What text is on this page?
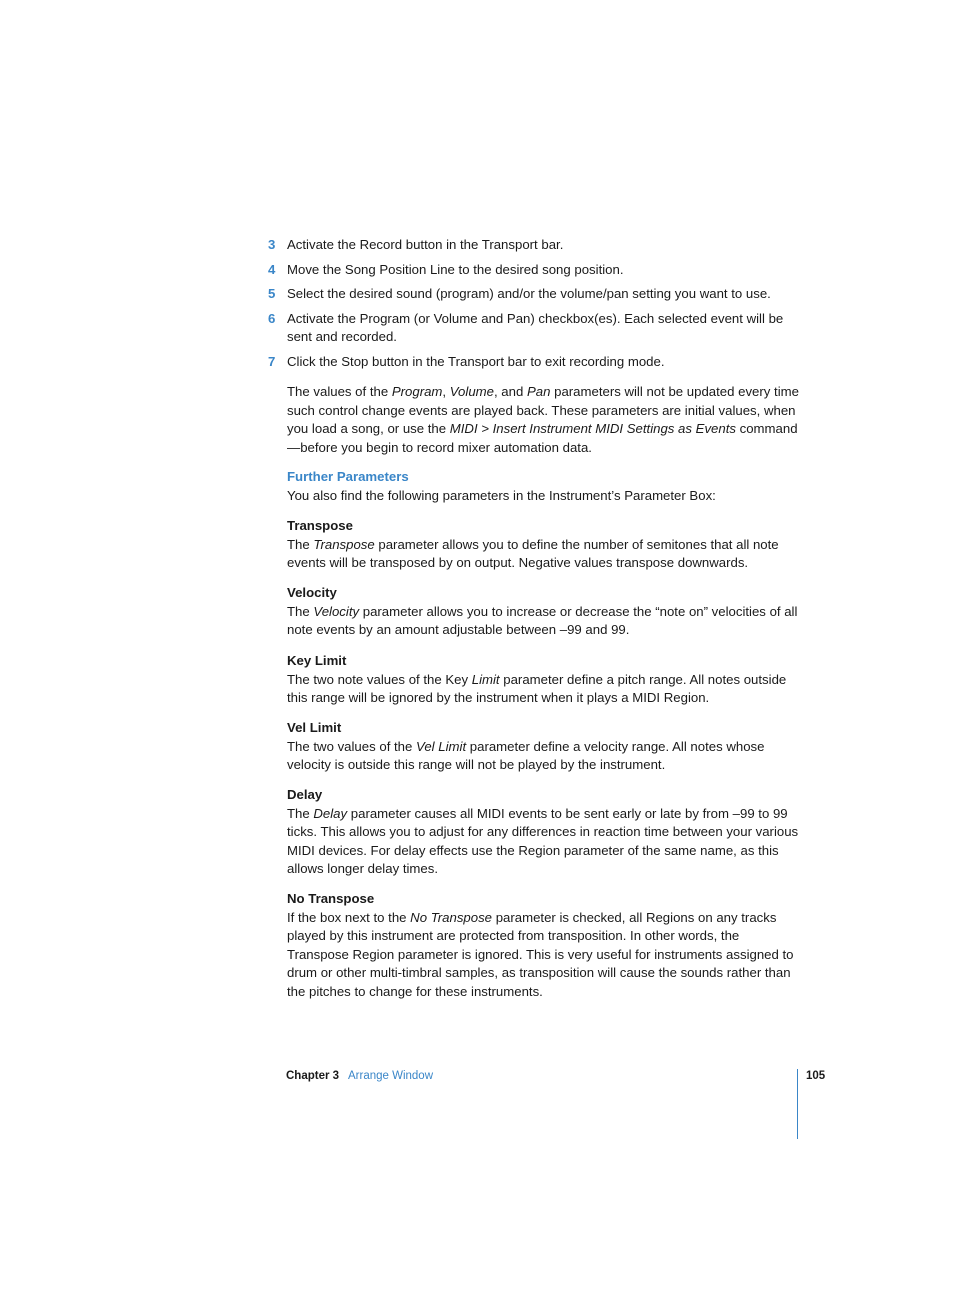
3 Activate the Record button in the Transport bar.
4 Move the Song Position Line to the desired song position.
5 Select the desired sound (program) and/or the volume/pan setting you want to use.
6 Activate the Program (or Volume and Pan) checkbox(es). Each selected event will be sent and recorded.
7 Click the Stop button in the Transport bar to exit recording mode.

The values of the Program, Volume, and Pan parameters will not be updated every time such control change events are played back. These parameters are initial values, when you load a song, or use the MIDI > Insert Instrument MIDI Settings as Events command—before you begin to record mixer automation data.

Further Parameters

You also find the following parameters in the Instrument’s Parameter Box:

Transpose

The Transpose parameter allows you to define the number of semitones that all note events will be transposed by on output. Negative values transpose downwards.

Velocity

The Velocity parameter allows you to increase or decrease the “note on” velocities of all note events by an amount adjustable between –99 and 99.

Key Limit

The two note values of the Key Limit parameter define a pitch range. All notes outside this range will be ignored by the instrument when it plays a MIDI Region.

Vel Limit

The two values of the Vel Limit parameter define a velocity range. All notes whose velocity is outside this range will not be played by the instrument.

Delay

The Delay parameter causes all MIDI events to be sent early or late by from –99 to 99 ticks. This allows you to adjust for any differences in reaction time between your various MIDI devices. For delay effects use the Region parameter of the same name, as this allows longer delay times.

No Transpose

If the box next to the No Transpose parameter is checked, all Regions on any tracks played by this instrument are protected from transposition. In other words, the Transpose Region parameter is ignored. This is very useful for instruments assigned to drum or other multi-timbral samples, as transposition will cause the sounds rather than the pitches to change for these instruments.

Chapter 3 Arrange Window	105
